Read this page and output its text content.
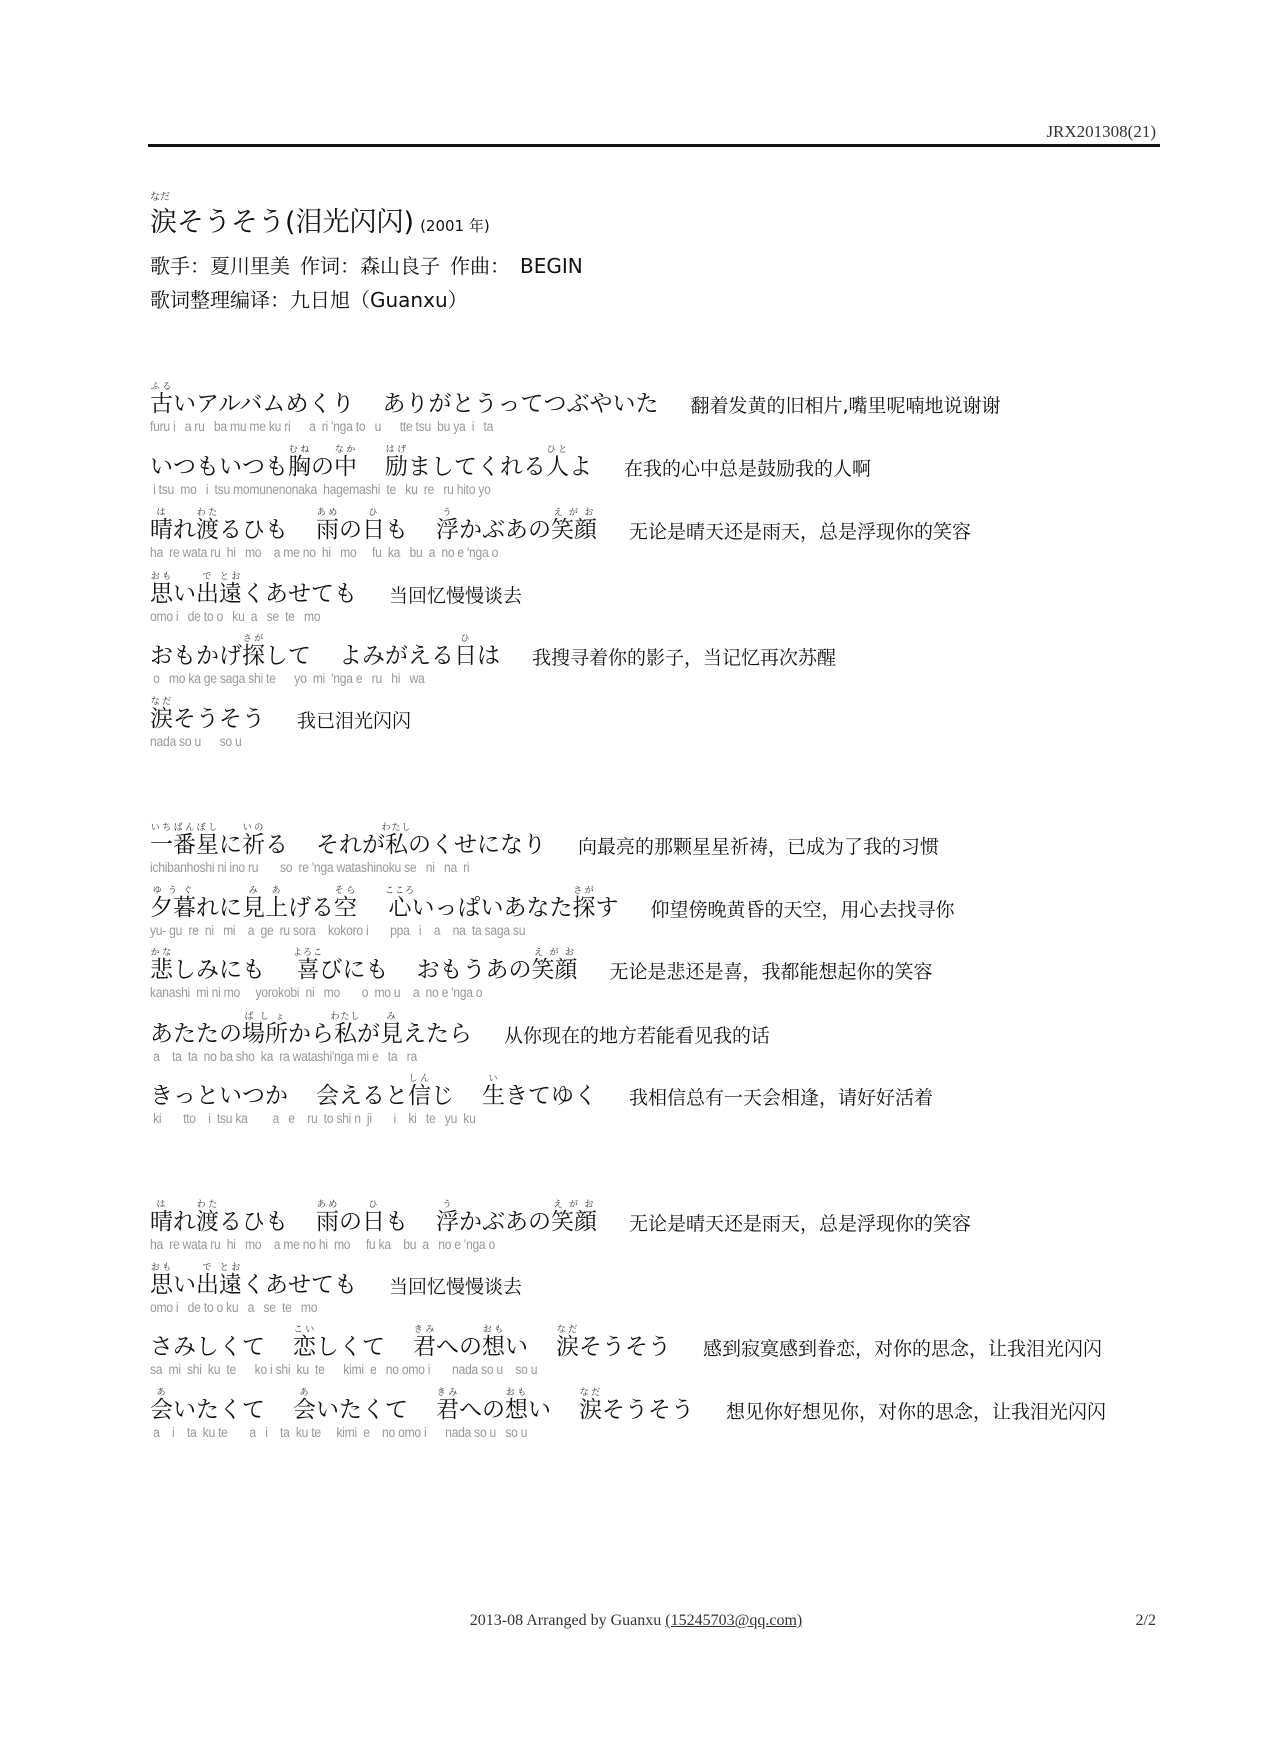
JRX201308(21)
なだ
涙そうそう(泪光闪闪) (2001 年)
歌手：夏川里美 作词：森山良子 作曲： BEGIN
歌词整理编译：九日旭（Guanxu）
古ふるいアルバムめくり ありがとうってつぶやいた 翻着发黄的旧相片,嘴里呢喃地说谢谢
furu i   a ru   ba mu me ku ri      a  ri 'nga to   u      tte tsu  bu ya  i   ta
いつもいつも胸むねの中なか
励はげましてくれる人ひとよ 在我的心中总是鼓励我的人啊
i tsu  mo   i  tsu momunenonaka  hagemashi  te   ku  re   ru hito yo
晴はれ渡わたるひも 雨あめの日ひも 浮うかぶあの笑顔えがお
无论是晴天还是雨天，总是浮现你的笑容
ha  re wata ru  hi   mo    a me no  hi   mo     fu  ka   bu  a  no e 'nga o
思おもい出で遠とおくあせても 当回忆慢慢谈去
omo i   de to o   ku  a   se  te   mo
おもかげ探さがして よみがえる日ひは 我搜寻着你的影子，当记忆再次苏醒
o   mo ka ge saga shi te      yo  mi  'nga e   ru   hi   wa
涙なだそうそう 我已泪光闪闪
nada so u      so u
一番星いちばんぼしに祈いのる それが私わたしのくせになり 向最亮的那颗星星祈祷，已成为了我的习惯
ichibanhoshi ni ino ru       so  re 'nga watashinoku se   ni   na  ri
夕暮ゆうぐれに見上みあげる空そら
心こころいっぱいあなた探さがす 仰望傍晚黄昏的天空，用心去找寻你
yu- gu  re  ni   mi    a  ge  ru sora    kokoro i       ppa   i    a    na  ta saga su
悲かなしみにも 喜よろこびにも おもうあの笑顔えがお
无论是悲还是喜，我都能想起你的笑容
kanashi  mi ni mo     yorokobi  ni   mo       o  mo u    a  no e 'nga o
あたたの場所ばしょから私わたしが見みえたら 从你现在的地方若能看见我的话
a    ta  ta  no ba sho  ka  ra watashi'nga mi e   ta   ra
きっといつか 会えると信しんじ 生いきてゆく 我相信总有一天会相逢，请好好活着
ki       tto    i  tsu ka        a   e    ru  to shi n  ji       i    ki   te   yu  ku
晴はれ渡わたるひも 雨あめの日ひも 浮うかぶあの笑顔えがお
无论是晴天还是雨天，总是浮现你的笑容
ha  re wata ru  hi   mo    a me no hi  mo     fu ka    bu  a   no e 'nga o
思おもい出で遠とおくあせても 当回忆慢慢谈去
omo i   de to o ku   a   se  te   mo
さみしくて 恋こいしくて 君きみへの想おもい 涙なだそうそう 感到寂寞感到眷恋，对你的思念，让我泪光闪闪
sa  mi  shi  ku  te      ko i shi  ku  te      kimi  e   no omo i       nada so u    so u
会あいたくて 会あいたくて 君きみへの想おもい 涙なだそうそう 想见你好想见你，对你的思念，让我泪光闪闪
a    i    ta  ku te       a   i    ta  ku te     kimi  e    no omo i      nada so u   so u
2013-08 Arranged by Guanxu (15245703@qq.com)	2/2
